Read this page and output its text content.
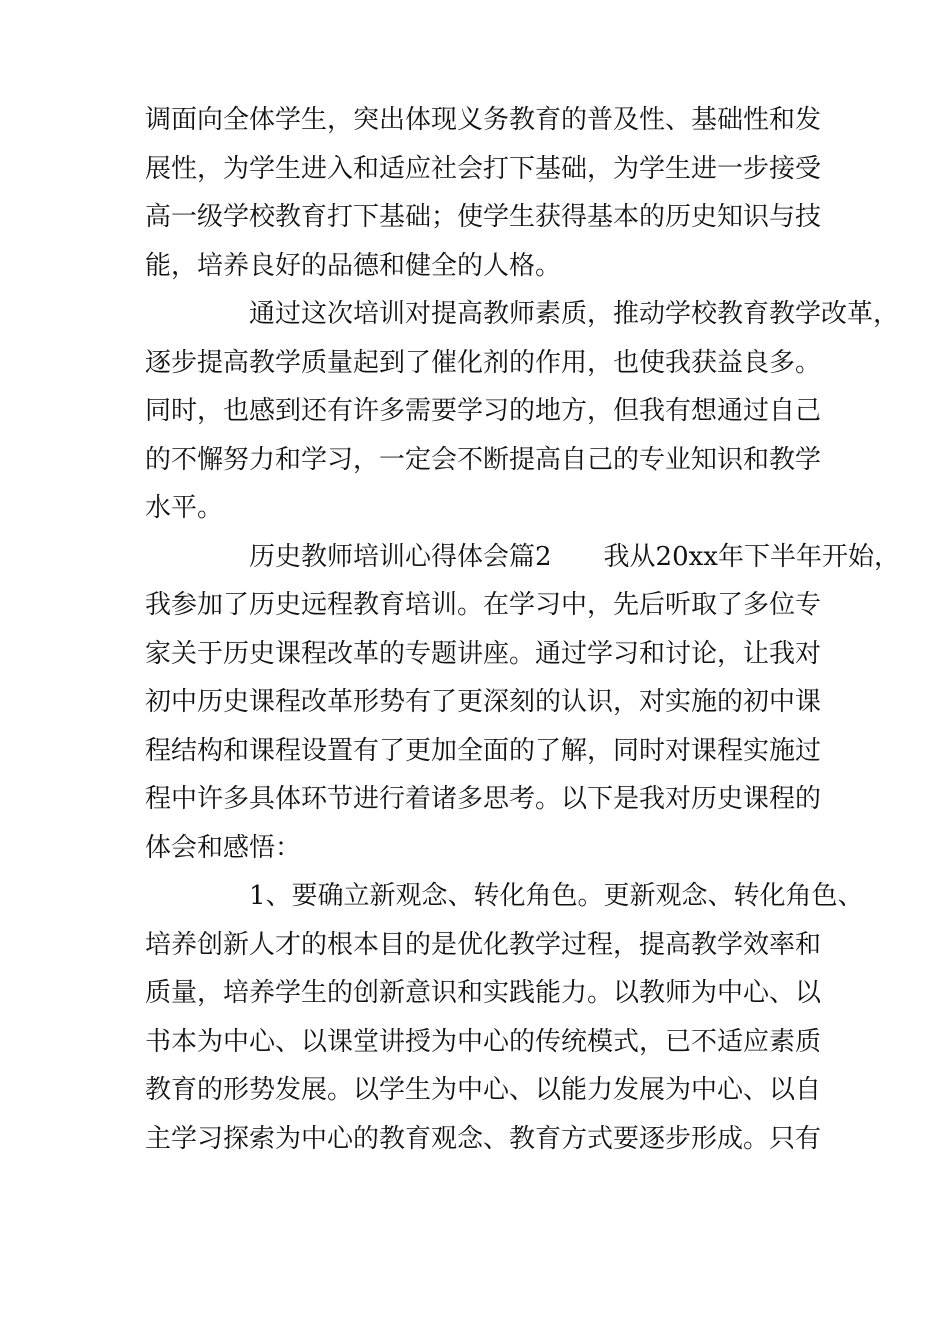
调面向全体学生，突出体现义务教育的普及性、基础性和发
展性，为学生进入和适应社会打下基础，为学生进一步接受
高一级学校教育打下基础；使学生获得基本的历史知识与技
能，培养良好的品德和健全的人格。

通过这次培训对提高教师素质，推动学校教育教学改革，
逐步提高教学质量起到了催化剂的作用，也使我获益良多。
同时，也感到还有许多需要学习的地方，但我有想通过自己
的不懈努力和学习，一定会不断提高自己的专业知识和教学
水平。

历史教师培训心得体会篇2　　我从20xx年下半年开始，
我参加了历史远程教育培训。在学习中，先后听取了多位专
家关于历史课程改革的专题讲座。通过学习和讨论，让我对
初中历史课程改革形势有了更深刻的认识，对实施的初中课
程结构和课程设置有了更加全面的了解，同时对课程实施过
程中许多具体环节进行着诸多思考。以下是我对历史课程的
体会和感悟：

1、要确立新观念、转化角色。更新观念、转化角色、
培养创新人才的根本目的是优化教学过程，提高教学效率和
质量，培养学生的创新意识和实践能力。以教师为中心、以
书本为中心、以课堂讲授为中心的传统模式，已不适应素质
教育的形势发展。以学生为中心、以能力发展为中心、以自
主学习探索为中心的教育观念、教育方式要逐步形成。只有
